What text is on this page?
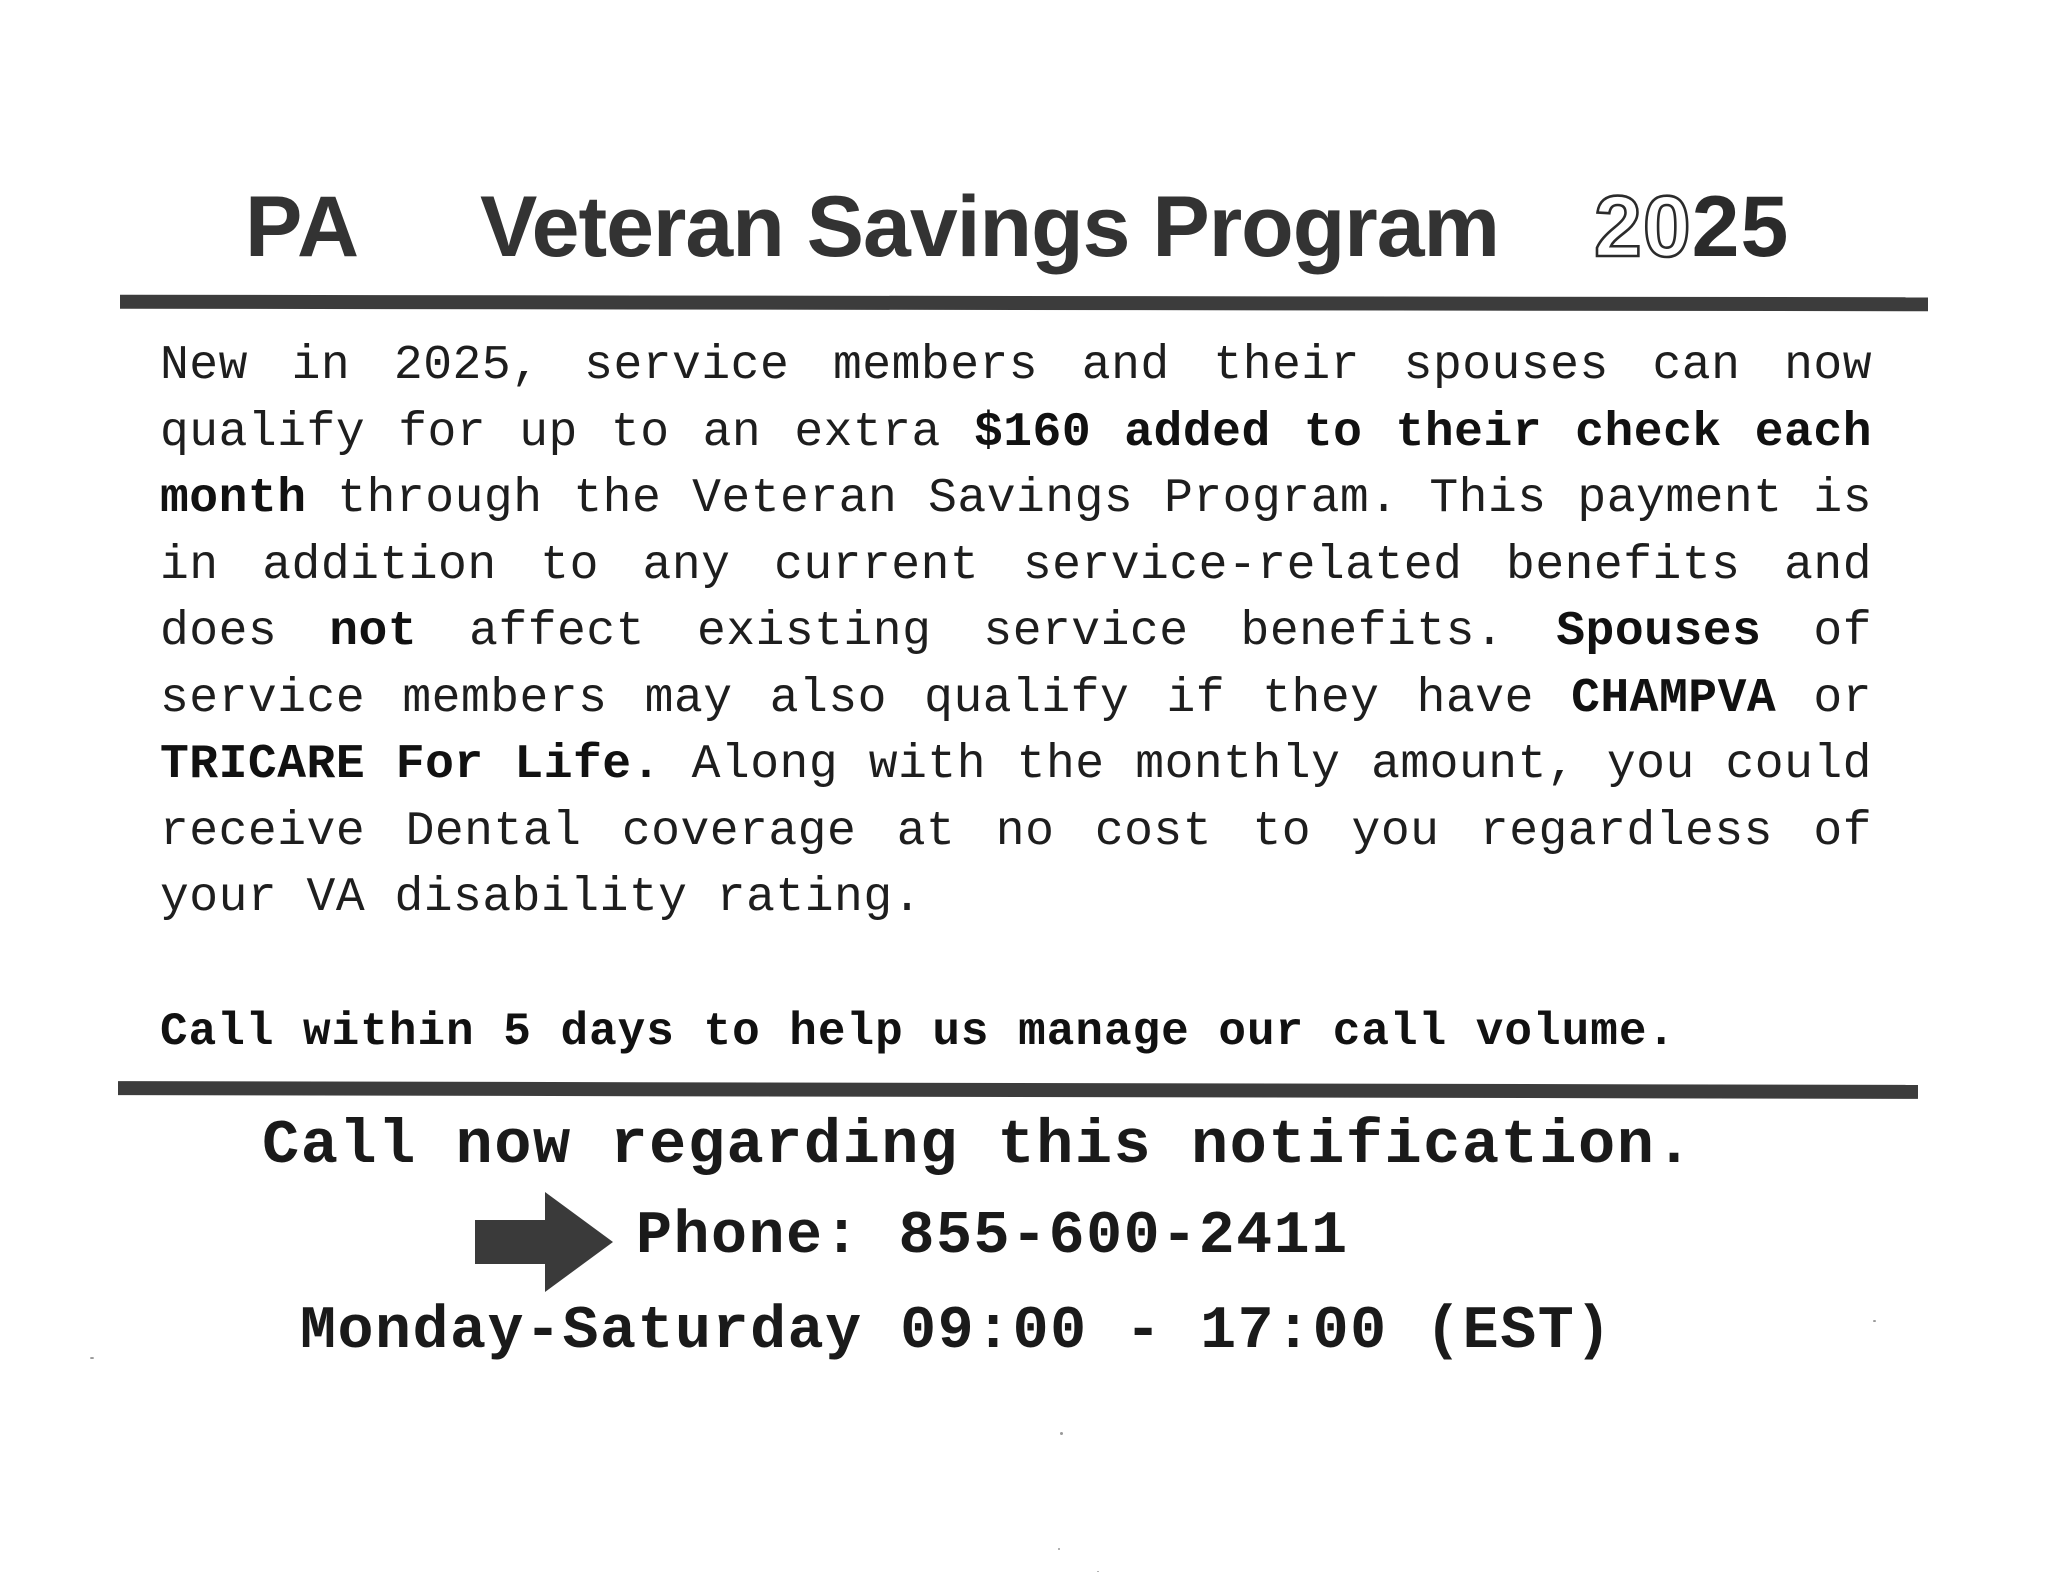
PA Veteran Savings Program 2025
New in 2025, service members and their spouses can now qualify for up to an extra $160 added to their check each month through the Veteran Savings Program. This payment is in addition to any current service-related benefits and does not affect existing service benefits. Spouses of service members may also qualify if they have CHAMPVA or TRICARE For Life. Along with the monthly amount, you could receive Dental coverage at no cost to you regardless of your VA disability rating.
Call within 5 days to help us manage our call volume.
Call now regarding this notification.
Phone: 855-600-2411
Monday-Saturday 09:00 - 17:00 (EST)
